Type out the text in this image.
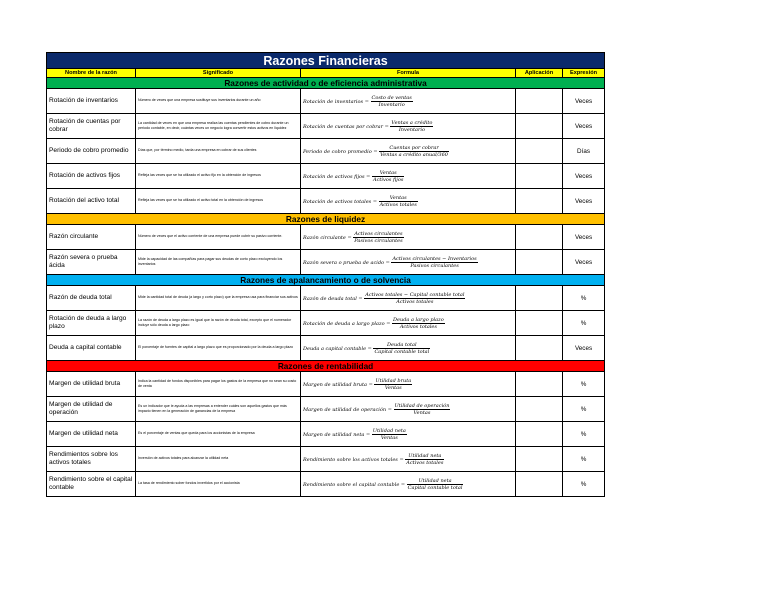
Razones Financieras				
Nombre de la razón	Significado	Formula	Aplicación	Expresión
Razones de actividad o de eficiencia administrativa				
Rotación de inventarios	Número de veces que una empresa sustituye sus inventarios durante un año	Rotación de inventarios = $\frac{\text{Costo de ventas}}{\text{Inventario}}$		Veces
Rotación de cuentas por cobrar	La cantidad de veces en que una empresa realiza las cuentas pendientes de cobro durante un periodo contable, en decir, cuántas veces un negocio logra convertir estos activos en liquidez	Rotación de cuentas por cobrar = $\frac{\text{Ventas a crédito}}{\text{Inventario}}$		Veces
Periodo de cobro promedio	Días que, por término medio, tarda una empresa en cobrar de sus clientes	Periodo de cobro promedio = $\frac{\text{Cuentas por cobrar}}{\text{Ventas a crédito anual/360}}$		Días
Rotación de activos fijos	Refleja las veces que se ha utilizado el activo fijo en la obtención de ingresos	Rotación de activos fijos = $\frac{\text{Ventas}}{\text{Activos fijos}}$		Veces
Rotación del activo total	Refleja las veces que se ha utilizado el activo total en la obtención de ingresos	Rotación de activos totales = $\frac{\text{Ventas}}{\text{Activos totales}}$		Veces
Razones de liquidez				
Razón circulante	Número de veces que el activo corriente de una empresa puede cubrir su pasivo corriente.	Razón circulante = $\frac{\text{Activos circulantes}}{\text{Pasivos circulantes}}$		Veces
Razón severa o prueba ácida	Mide la capacidad de las compañías para pagar sus deudas de corto plazo excluyendo los inventarios	Razón severa o prueba de acido = $\frac{\text{Activos circulantes − Inventarios}}{\text{Pasivos circulantes}}$		Veces
Razones de apalancamiento o de solvencia				
Razón de deuda total	Mide la cantidad total de deuda (a largo y corto plazo) que la empresa usa para financiar sus activos	Razón de deuda total = $\frac{\text{Activos totales − Capital contable total}}{\text{Activos totales}}$		%
Rotación de deuda a largo plazo	La razón de deuda a largo plazo es igual que la razón de deuda total, excepto que el numerador incluye sólo deuda a largo plazo	Rotación de deuda a largo plazo = $\frac{\text{Deuda a largo plazo}}{\text{Activos totales}}$		%
Deuda a capital contable	El porcentaje de fuentes de capital a largo plazo que es proporcionado por la deuda a largo plazo	Deuda a capital contable = $\frac{\text{Deuda total}}{\text{Capital contable total}}$		Veces
Razones de rentabilidad				
Margen de utilidad bruta	Indica la cantidad de fondos disponibles para pagar los gastos de la empresa que no sean su costo de venta	Margen de utilidad bruta = $\frac{\text{Utilidad bruta}}{\text{Ventas}}$		%
Margen de utilidad de operación	Es un indicador que le ayuda a las empresas a entender cuáles son aquellos gastos que más impacto tienen en la generación de ganancias de la empresa	Margen de utilidad de operación = $\frac{\text{Utilidad de operación}}{\text{Ventas}}$		%
Margen de utilidad neta	Es el porcentaje de ventas que queda para los accionistas de la empresa	Margen de utilidad neta = $\frac{\text{Utilidad neta}}{\text{Ventas}}$		%
Rendimientos sobre los activos totales	Inversión de activos totales para alcanzar la utilidad neta	Rendimiento sobre los activos totales = $\frac{\text{Utilidad neta}}{\text{Activos totales}}$		%
Rendimiento sobre el capital contable	La tasa de rendimiento sober fondos invertidos por el accionista	Rendimiento sobre el capital contable = $\frac{\text{Utilidad neta}}{\text{Capital contable total}}$		%
